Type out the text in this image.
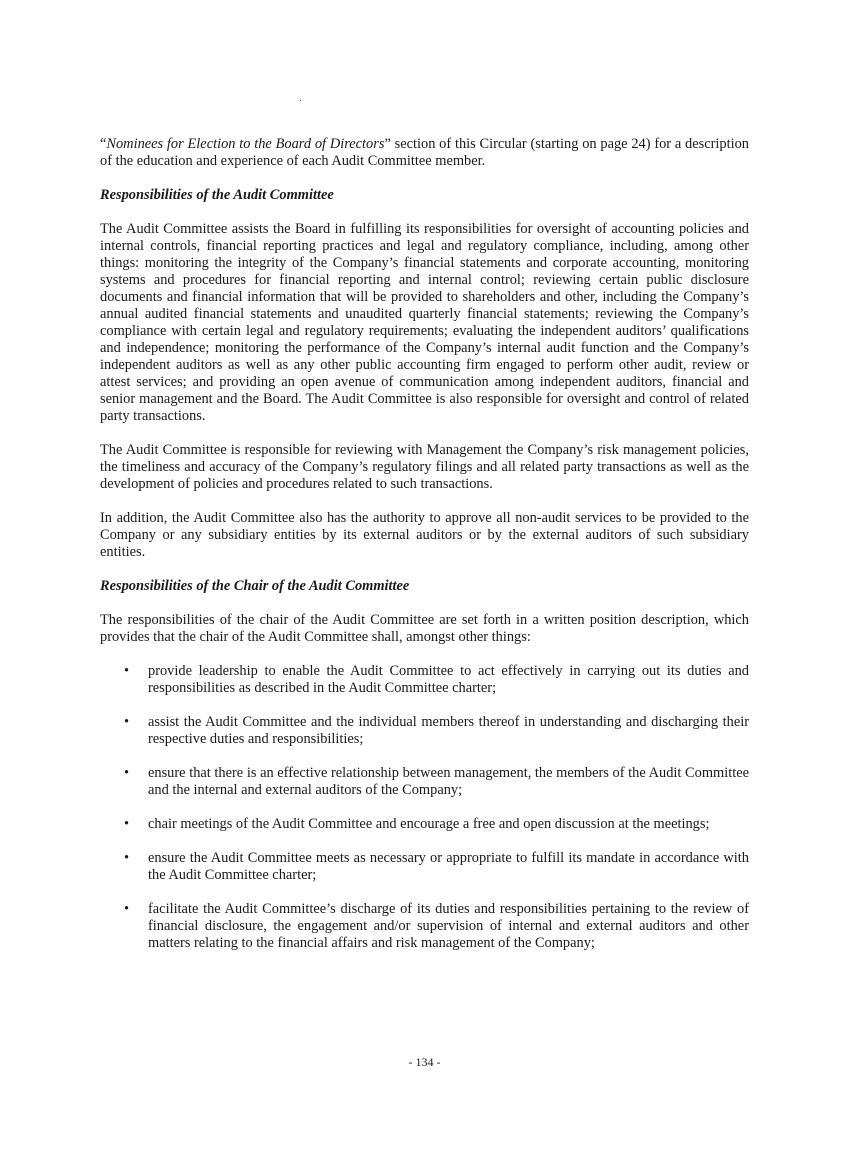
“Nominees for Election to the Board of Directors” section of this Circular (starting on page 24) for a description of the education and experience of each Audit Committee member.

Responsibilities of the Audit Committee

The Audit Committee assists the Board in fulfilling its responsibilities for oversight of accounting policies and internal controls, financial reporting practices and legal and regulatory compliance, including, among other things: monitoring the integrity of the Company’s financial statements and corporate accounting, monitoring systems and procedures for financial reporting and internal control; reviewing certain public disclosure documents and financial information that will be provided to shareholders and other, including the Company’s annual audited financial statements and unaudited quarterly financial statements; reviewing the Company’s compliance with certain legal and regulatory requirements; evaluating the independent auditors’ qualifications and independence; monitoring the performance of the Company’s internal audit function and the Company’s independent auditors as well as any other public accounting firm engaged to perform other audit, review or attest services; and providing an open avenue of communication among independent auditors, financial and senior management and the Board. The Audit Committee is also responsible for oversight and control of related party transactions.

The Audit Committee is responsible for reviewing with Management the Company’s risk management policies, the timeliness and accuracy of the Company’s regulatory filings and all related party transactions as well as the development of policies and procedures related to such transactions.

In addition, the Audit Committee also has the authority to approve all non-audit services to be provided to the Company or any subsidiary entities by its external auditors or by the external auditors of such subsidiary entities.

Responsibilities of the Chair of the Audit Committee

The responsibilities of the chair of the Audit Committee are set forth in a written position description, which provides that the chair of the Audit Committee shall, amongst other things:

• provide leadership to enable the Audit Committee to act effectively in carrying out its duties and responsibilities as described in the Audit Committee charter;
• assist the Audit Committee and the individual members thereof in understanding and discharging their respective duties and responsibilities;
• ensure that there is an effective relationship between management, the members of the Audit Committee and the internal and external auditors of the Company;
• chair meetings of the Audit Committee and encourage a free and open discussion at the meetings;
• ensure the Audit Committee meets as necessary or appropriate to fulfill its mandate in accordance with the Audit Committee charter;
• facilitate the Audit Committee’s discharge of its duties and responsibilities pertaining to the review of financial disclosure, the engagement and/or supervision of internal and external auditors and other matters relating to the financial affairs and risk management of the Company;
- 134 -
